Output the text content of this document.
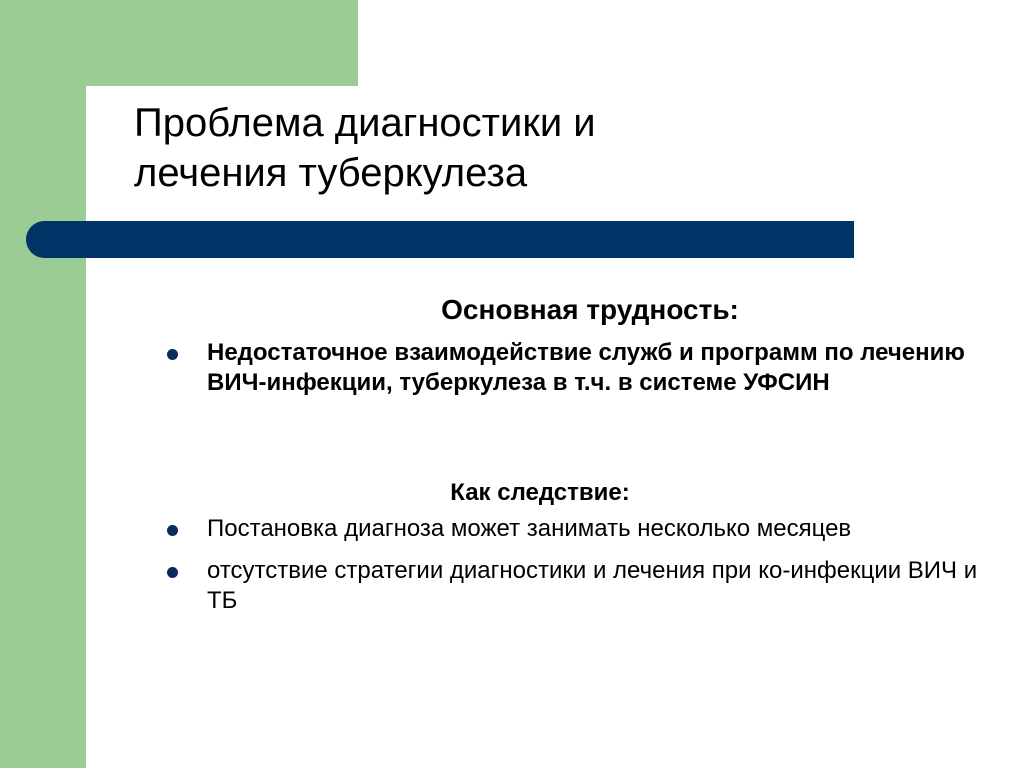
Проблема диагностики и
лечения туберкулеза
Основная трудность:
Недостаточное взаимодействие служб и программ по лечению ВИЧ-инфекции, туберкулеза в т.ч. в системе УФСИН
Как следствие:
Постановка диагноза может занимать несколько месяцев
отсутствие стратегии диагностики и лечения при ко-инфекции ВИЧ и ТБ
